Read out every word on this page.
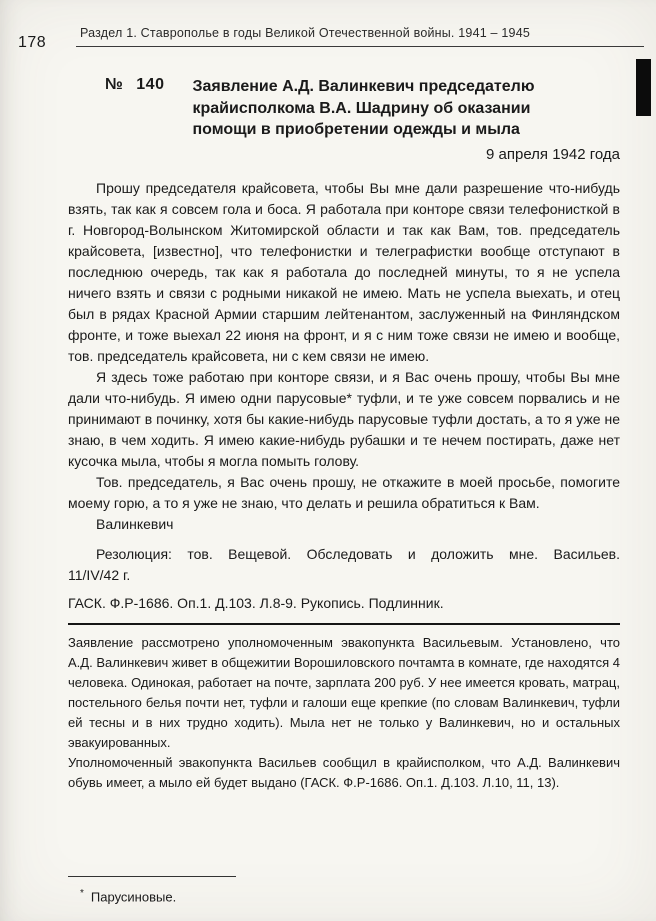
178
Раздел 1. Ставрополье в годы Великой Отечественной войны. 1941 – 1945
№ 140 Заявление А.Д. Валинкевич председателю крайисполкома В.А. Шадрину об оказании помощи в приобретении одежды и мыла
9 апреля 1942 года

Прошу председателя крайсовета, чтобы Вы мне дали разрешение что-нибудь взять, так как я совсем гола и боса. Я работала при конторе связи телефонисткой в г. Новгород-Волынском Житомирской области и так как Вам, тов. председатель крайсовета, [известно], что телефонистки и телеграфистки вообще отступают в последнюю очередь, так как я работала до последней минуты, то я не успела ничего взять и связи с родными никакой не имею. Мать не успела выехать, и отец был в рядах Красной Армии старшим лейтенантом, заслуженный на Финляндском фронте, и тоже выехал 22 июня на фронт, и я с ним тоже связи не имею и вообще, тов. председатель крайсовета, ни с кем связи не имею.

Я здесь тоже работаю при конторе связи, и я Вас очень прошу, чтобы Вы мне дали что-нибудь. Я имею одни парусовые* туфли, и те уже совсем порвались и не принимают в починку, хотя бы какие-нибудь парусовые туфли достать, а то я уже не знаю, в чем ходить. Я имею какие-нибудь рубашки и те нечем постирать, даже нет кусочка мыла, чтобы я могла помыть голову.

Тов. председатель, я Вас очень прошу, не откажите в моей просьбе, помогите моему горю, а то я уже не знаю, что делать и решила обратиться к Вам.

Валинкевич

Резолюция: тов. Вещевой. Обследовать и доложить мне. Васильев.

11/IV/42 г.

ГАСК. Ф.Р-1686. Оп.1. Д.103. Л.8-9. Рукопись. Подлинник.

Заявление рассмотрено уполномоченным эвакопункта Васильевым. Установлено, что А.Д. Валинкевич живет в общежитии Ворошиловского почтамта в комнате, где находятся 4 человека. Одинокая, работает на почте, зарплата 200 руб. У нее имеется кровать, матрац, постельного белья почти нет, туфли и галоши еще крепкие (по словам Валинкевич, туфли ей тесны и в них трудно ходить). Мыла нет не только у Валинкевич, но и остальных эвакуированных.

Уполномоченный эвакопункта Васильев сообщил в крайисполком, что А.Д. Валинкевич обувь имеет, а мыло ей будет выдано (ГАСК. Ф.Р-1686. Оп.1. Д.103. Л.10, 11, 13).

* Парусиновые.
